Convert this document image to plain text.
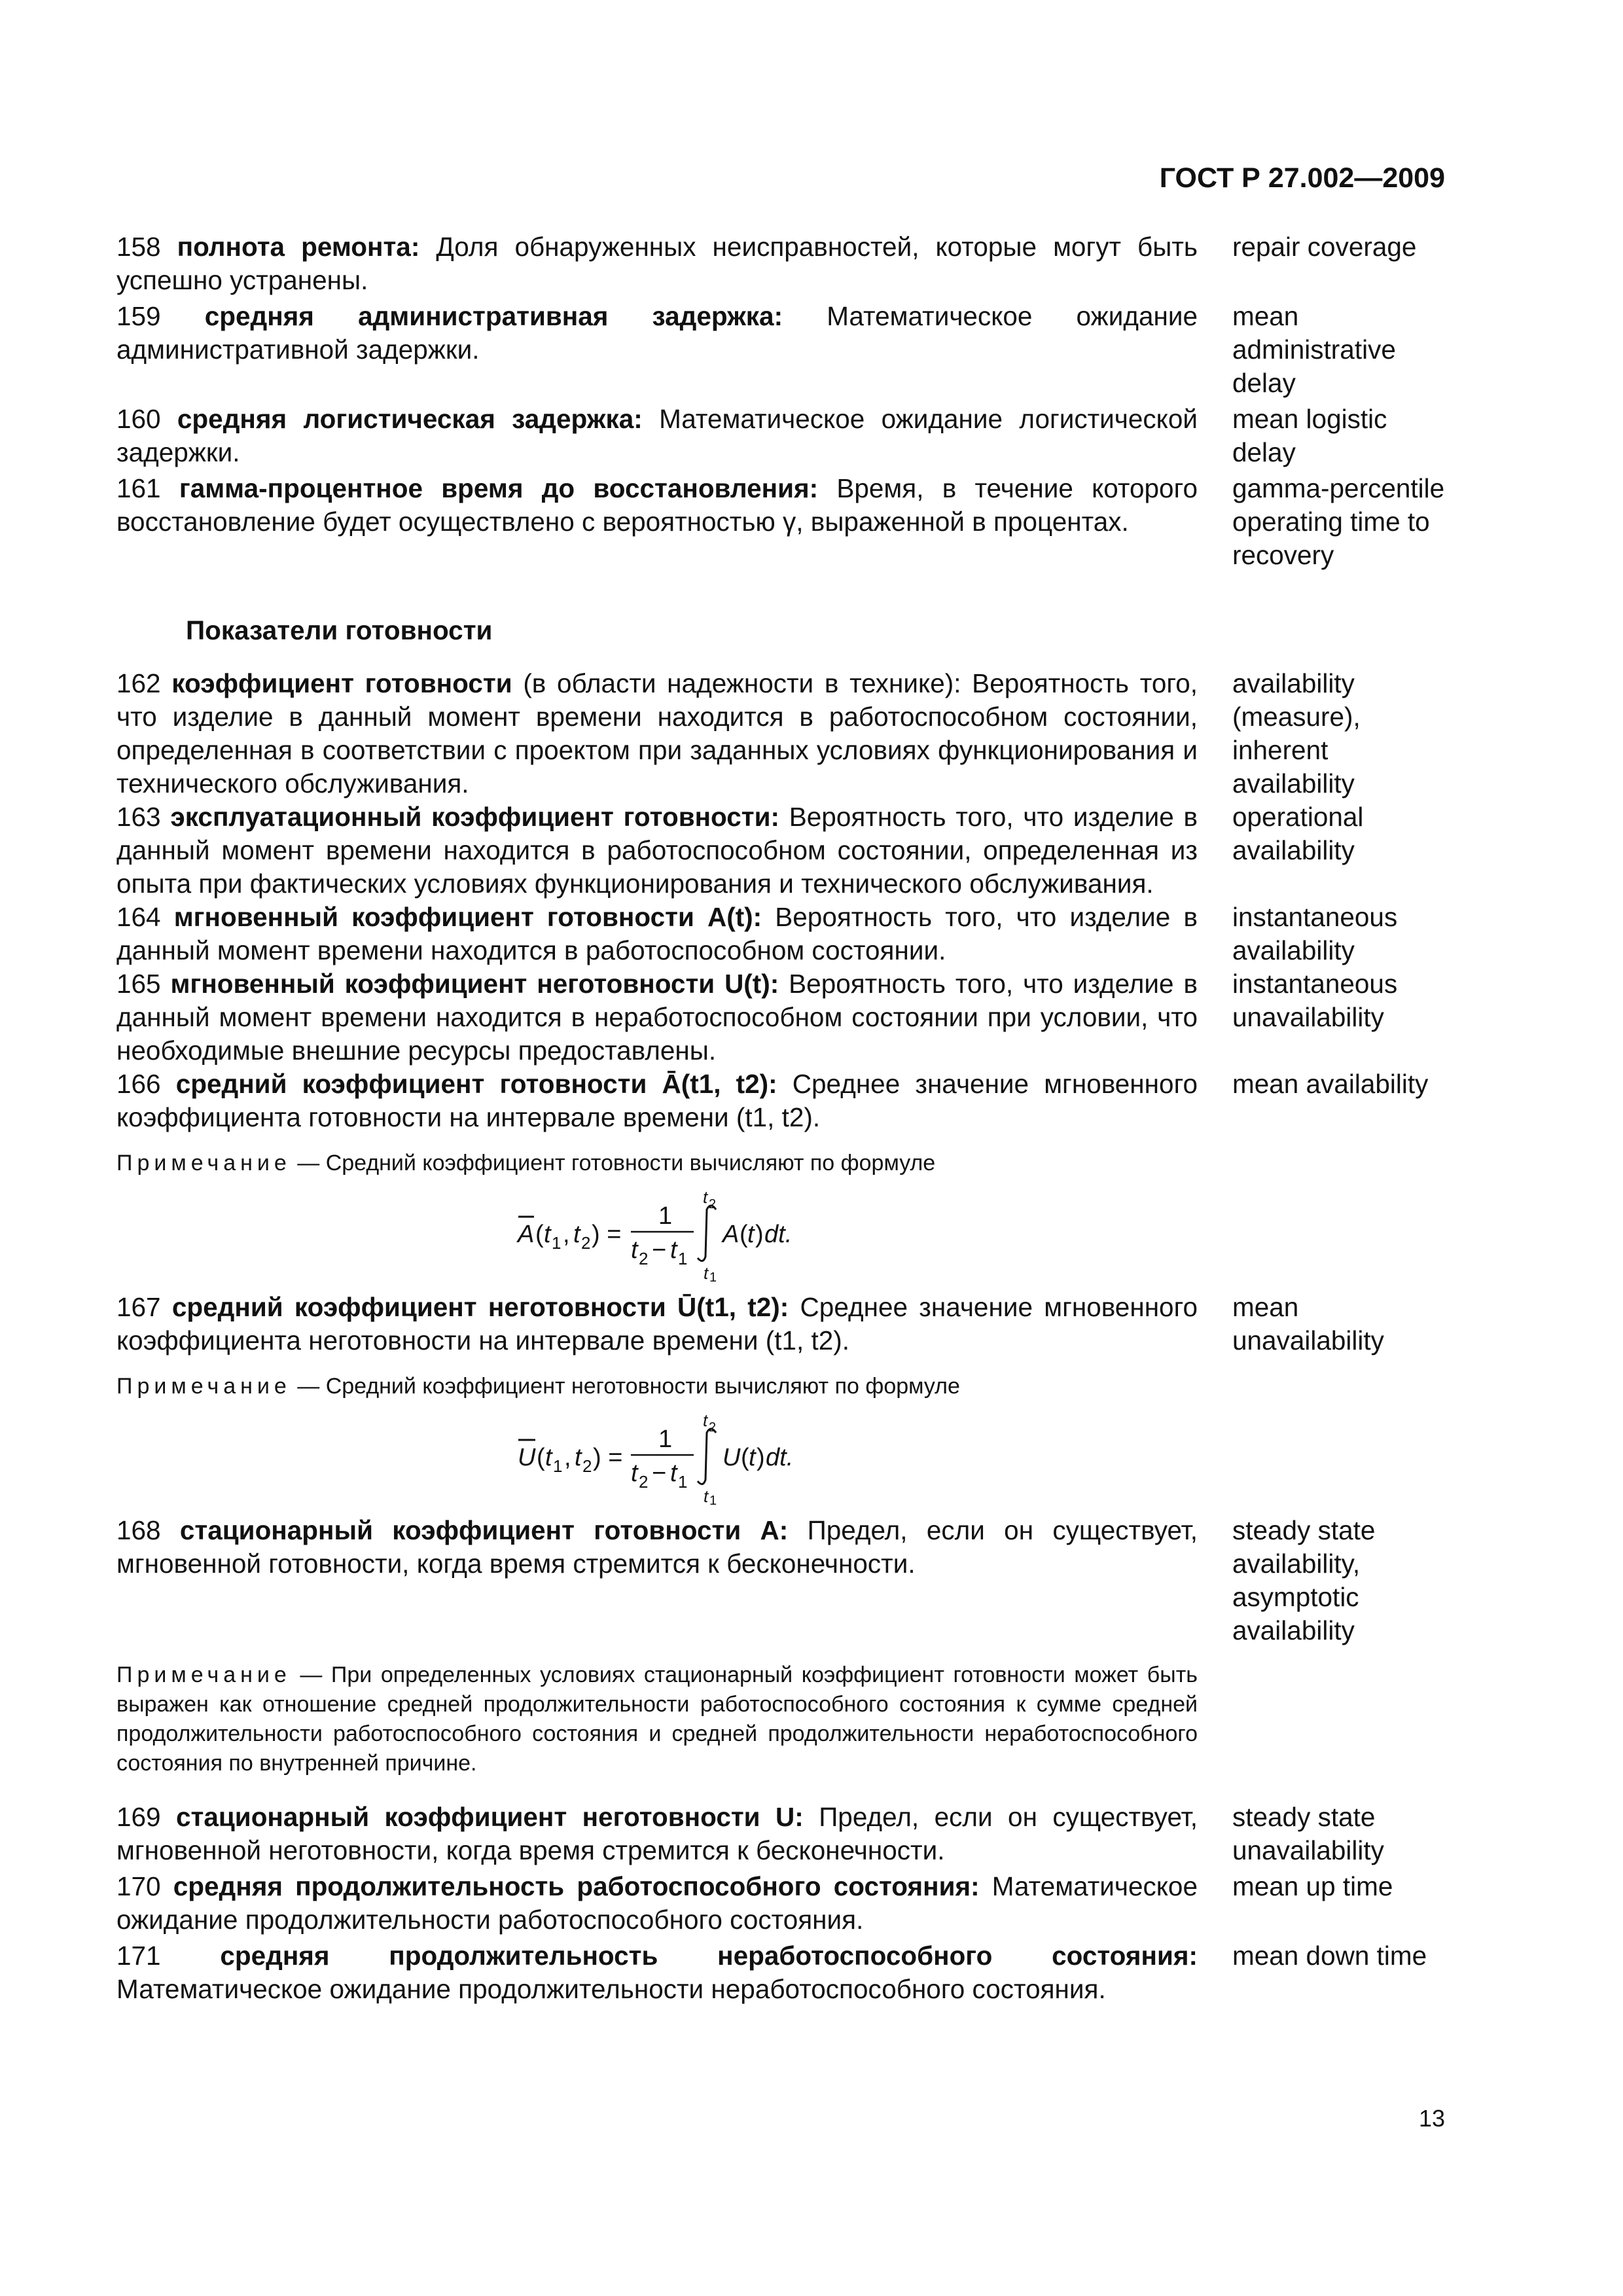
ГОСТ Р 27.002—2009
158 полнота ремонта: Доля обнаруженных неисправностей, которые могут быть успешно устранены.
repair coverage
159 средняя административная задержка: Математическое ожидание административной задержки.
mean administrative delay
160 средняя логистическая задержка: Математическое ожидание логистической задержки.
mean logistic delay
161 гамма-процентное время до восстановления: Время, в течение которого восстановление будет осуществлено с вероятностью γ, выраженной в процентах.
gamma-percentile operating time to recovery
Показатели готовности
162 коэффициент готовности (в области надежности в технике): Вероятность того, что изделие в данный момент времени находится в работоспособном состоянии, определенная в соответствии с проектом при заданных условиях функционирования и технического обслуживания.
availability (measure), inherent availability
163 эксплуатационный коэффициент готовности: Вероятность того, что изделие в данный момент времени находится в работоспособном состоянии, определенная из опыта при фактических условиях функционирования и технического обслуживания.
operational availability
164 мгновенный коэффициент готовности A(t): Вероятность того, что изделие в данный момент времени находится в работоспособном состоянии.
instantaneous availability
165 мгновенный коэффициент неготовности U(t): Вероятность того, что изделие в данный момент времени находится в неработоспособном состоянии при условии, что необходимые внешние ресурсы предоставлены.
instantaneous unavailability
166 средний коэффициент готовности Ā(t1, t2): Среднее значение мгновенного коэффициента готовности на интервале времени (t1, t2).
mean availability
Примечание — Средний коэффициент готовности вычисляют по формуле
A ( t 1 , t 2 ) =
1
t 2 − t 1
t 2
t 1
A ( t ) dt.
167 средний коэффициент неготовности Ū(t1, t2): Среднее значение мгновенного коэффициента неготовности на интервале времени (t1, t2).
mean unavailability
Примечание — Средний коэффициент неготовности вычисляют по формуле
U ( t 1 , t 2 ) =
1
t 2 − t 1
t 2
t 1
U ( t ) dt.
168 стационарный коэффициент готовности A: Предел, если он существует, мгновенной готовности, когда время стремится к бесконечности.
steady state availability, asymptotic availability
Примечание — При определенных условиях стационарный коэффициент готовности может быть выражен как отношение средней продолжительности работоспособного состояния к сумме средней продолжительности работоспособного состояния и средней продолжительности неработоспособного состояния по внутренней причине.
169 стационарный коэффициент неготовности U: Предел, если он существует, мгновенной неготовности, когда время стремится к бесконечности.
steady state unavailability
170 средняя продолжительность работоспособного состояния: Математическое ожидание продолжительности работоспособного состояния.
mean up time
171 средняя продолжительность неработоспособного состояния: Математическое ожидание продолжительности неработоспособного состояния.
mean down time
13
